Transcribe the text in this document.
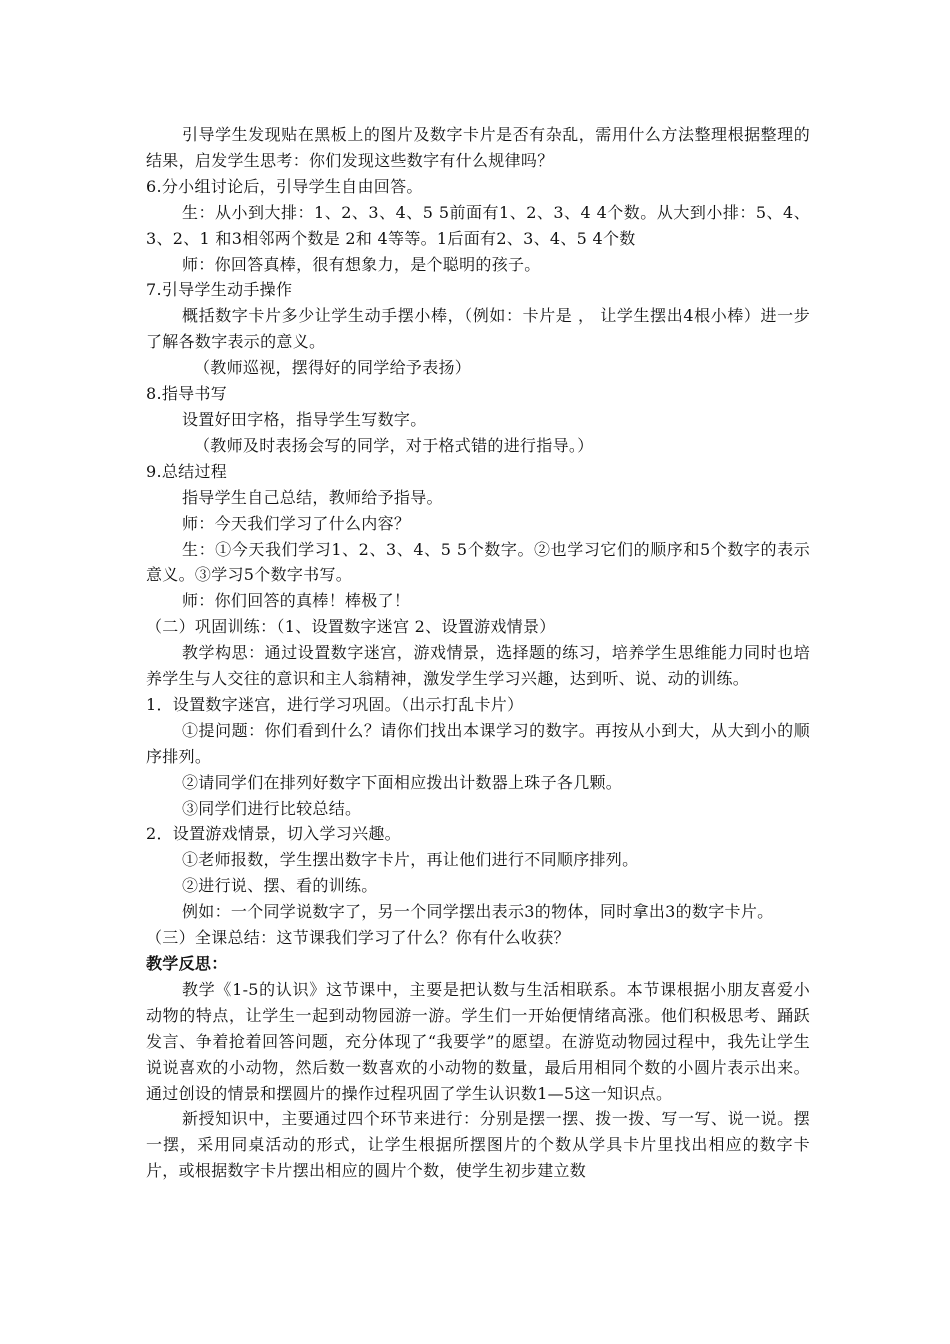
引导学生发现贴在黑板上的图片及数字卡片是否有杂乱，需用什么方法整理根据整理的结果，启发学生思考：你们发现这些数字有什么规律吗？

6.分小组讨论后，引导学生自由回答。

生：从小到大排：1、2、3、4、5 5前面有1、2、3、4 4个数。从大到小排：5、4、3、2、1 和3相邻两个数是 2和 4等等。1后面有2、3、4、5 4个数

师：你回答真棒，很有想象力，是个聪明的孩子。

7.引导学生动手操作

概括数字卡片多少让学生动手摆小棒，（例如：卡片是 ， 让学生摆出4根小棒）进一步了解各数字表示的意义。

（教师巡视，摆得好的同学给予表扬）

8.指导书写

设置好田字格，指导学生写数字。

（教师及时表扬会写的同学，对于格式错的进行指导。）

9.总结过程

指导学生自己总结，教师给予指导。

师：今天我们学习了什么内容？

生：①今天我们学习1、2、3、4、5 5个数字。②也学习它们的顺序和5个数字的表示意义。③学习5个数字书写。

师：你们回答的真棒！棒极了！

（二）巩固训练：（1、设置数字迷宫 2、设置游戏情景）

教学构思：通过设置数字迷宫，游戏情景，选择题的练习，培养学生思维能力同时也培养学生与人交往的意识和主人翁精神，激发学生学习兴趣，达到听、说、动的训练。

1．设置数字迷宫，进行学习巩固。（出示打乱卡片）

①提问题：你们看到什么？请你们找出本课学习的数字。再按从小到大，从大到小的顺序排列。

②请同学们在排列好数字下面相应拨出计数器上珠子各几颗。

③同学们进行比较总结。

2．设置游戏情景，切入学习兴趣。

①老师报数，学生摆出数字卡片，再让他们进行不同顺序排列。

②进行说、摆、看的训练。

例如：一个同学说数字了，另一个同学摆出表示3的物体，同时拿出3的数字卡片。

（三）全课总结：这节课我们学习了什么？你有什么收获？

教学反思：

教学《1-5的认识》这节课中，主要是把认数与生活相联系。本节课根据小朋友喜爱小动物的特点，让学生一起到动物园游一游。学生们一开始便情绪高涨。他们积极思考、踊跃发言、争着抢着回答问题，充分体现了“我要学”的愿望。在游览动物园过程中，我先让学生说说喜欢的小动物，然后数一数喜欢的小动物的数量，最后用相同个数的小圆片表示出来。通过创设的情景和摆圆片的操作过程巩固了学生认识数1—5这一知识点。

新授知识中，主要通过四个环节来进行：分别是摆一摆、拨一拨、写一写、说一说。摆一摆，采用同桌活动的形式，让学生根据所摆图片的个数从学具卡片里找出相应的数字卡片，或根据数字卡片摆出相应的圆片个数，使学生初步建立数
